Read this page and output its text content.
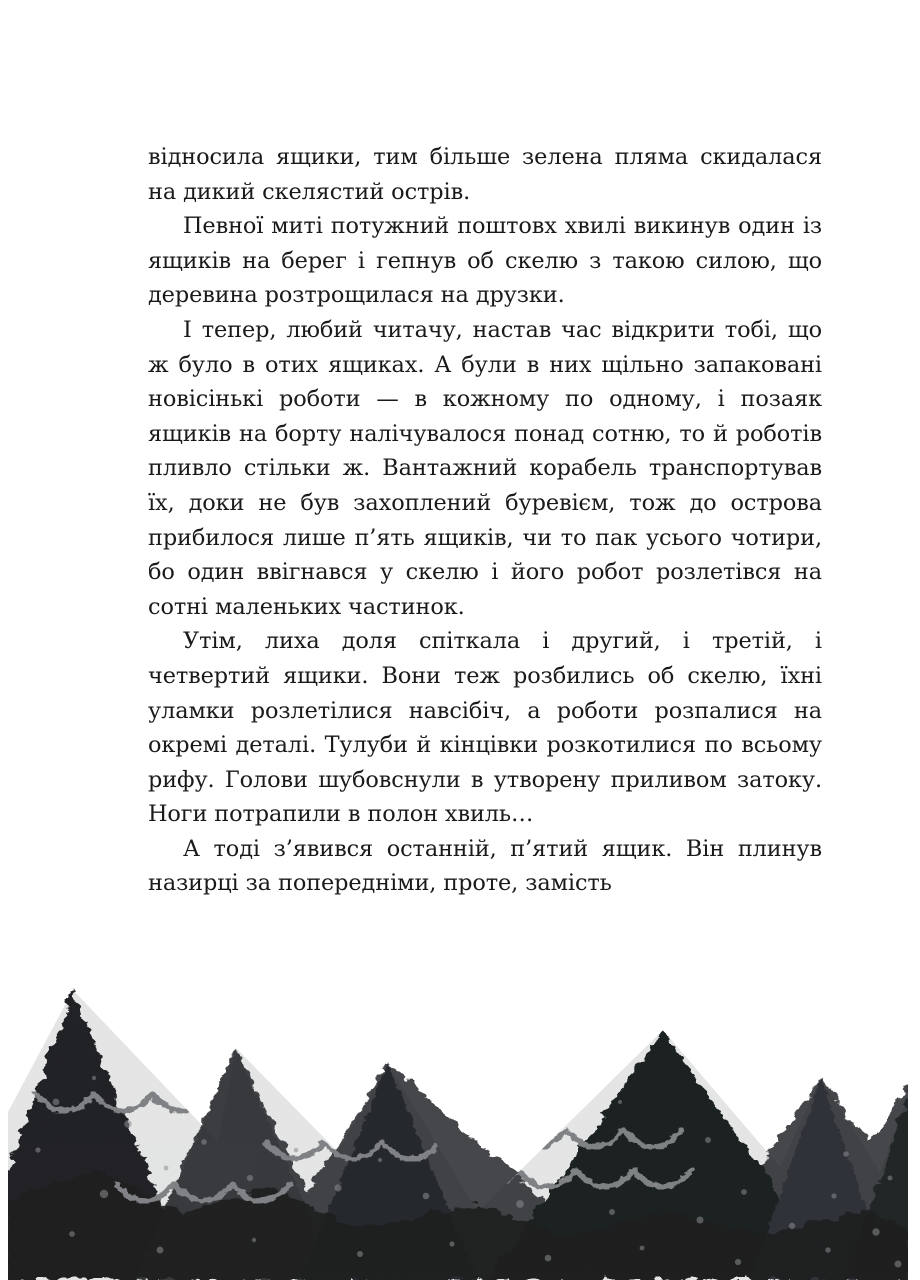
відносила ящики, тим більше зелена пляма скидалася на дикий скелястий острів.

Певної миті потужний поштовх хвилі викинув один із ящиків на берег і гепнув об скелю з такою силою, що деревина розтрощилася на друзки.

І тепер, любий читачу, настав час відкрити тобі, що ж було в отих ящиках. А були в них щільно запаковані новісінькі роботи — в кожному по одному, і позаяк ящиків на борту налічувалося понад сотню, то й роботів пливло стільки ж. Вантажний корабель транспортував їх, доки не був захоплений буревієм, тож до острова прибилося лише п’ять ящиків, чи то пак усього чотири, бо один ввігнався у скелю і його робот розлетівся на сотні маленьких частинок.

Утім, лиха доля спіткала і другий, і третій, і четвертий ящики. Вони теж розбились об скелю, їхні уламки розлетілися навсібіч, а роботи розпалися на окремі деталі. Тулуби й кінцівки розкотилися по всьому рифу. Голови шубовснули в утворену приливом затоку. Ноги потрапили в полон хвиль…

А тоді з’явився останній, п’ятий ящик. Він плинув назирці за попередніми, проте, замість
